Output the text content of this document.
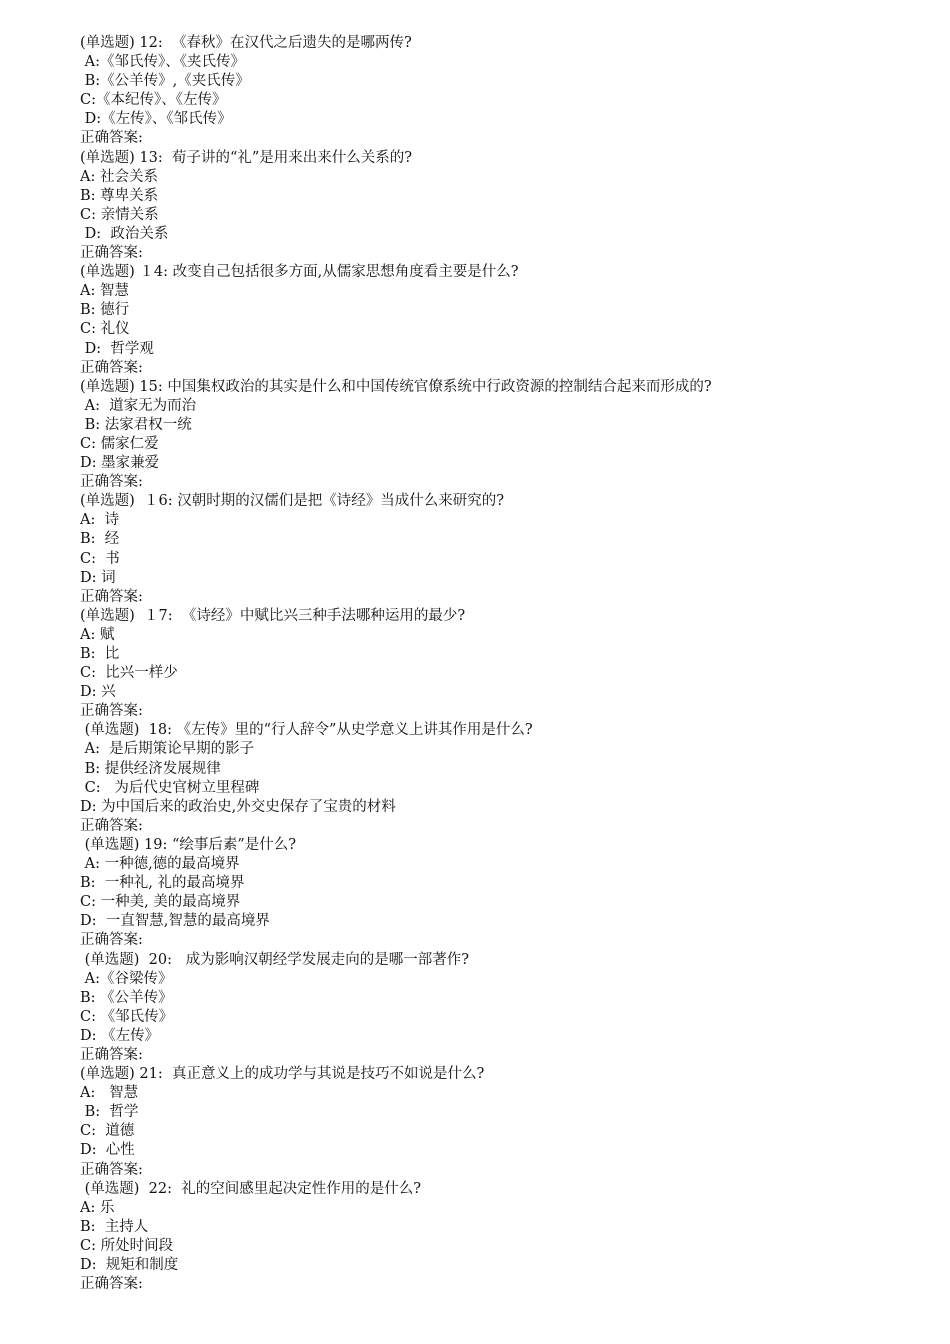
(单选题) 12:  《春秋》在汉代之后遗失的是哪两传?
A:《邹氏传》、《夹氏传》
B:《公羊传》,《夹氏传》
C:《本纪传》、《左传》
D:《左传》、《邹氏传》
正确答案:
(单选题) 13:  荀子讲的“礼”是用来出来什么关系的?
A: 社会关系
B: 尊卑关系
C: 亲情关系
D:  政治关系
正确答案:
(单选题) １4: 改变自己包括很多方面,从儒家思想角度看主要是什么?
A: 智慧
B: 德行
C: 礼仪
D:  哲学观
正确答案:
(单选题) 15: 中国集权政治的其实是什么和中国传统官僚系统中行政资源的控制结合起来而形成的?
A:  道家无为而治
B: 法家君权一统
C: 儒家仁爱
D: 墨家兼爱
正确答案:
(单选题)  １6: 汉朝时期的汉儒们是把《诗经》当成什么来研究的?
A:  诗
B:  经
C:  书
D: 词
正确答案:
(单选题)  １7:  《诗经》中赋比兴三种手法哪种运用的最少?
A: 赋
B:  比
C:  比兴一样少
D: 兴
正确答案:
(单选题)  18: 《左传》里的“行人辞令”从史学意义上讲其作用是什么?
A:  是后期策论早期的影子
B: 提供经济发展规律
C:   为后代史官树立里程碑
D: 为中国后来的政治史,外交史保存了宝贵的材料
正确答案:
(单选题) 19: “绘事后素”是什么?
A: 一种德,德的最高境界
B:  一种礼, 礼的最高境界
C: 一种美, 美的最高境界
D:  一直智慧,智慧的最高境界
正确答案:
(单选题)  20:   成为影响汉朝经学发展走向的是哪一部著作?
A:《谷梁传》
B: 《公羊传》
C: 《邹氏传》
D: 《左传》
正确答案:
(单选题) 21:  真正意义上的成功学与其说是技巧不如说是什么?
A:   智慧
B:  哲学
C:  道德
D:  心性
正确答案:
(单选题)  22:  礼的空间感里起决定性作用的是什么?
A: 乐
B:  主持人
C: 所处时间段
D:  规矩和制度
正确答案:
